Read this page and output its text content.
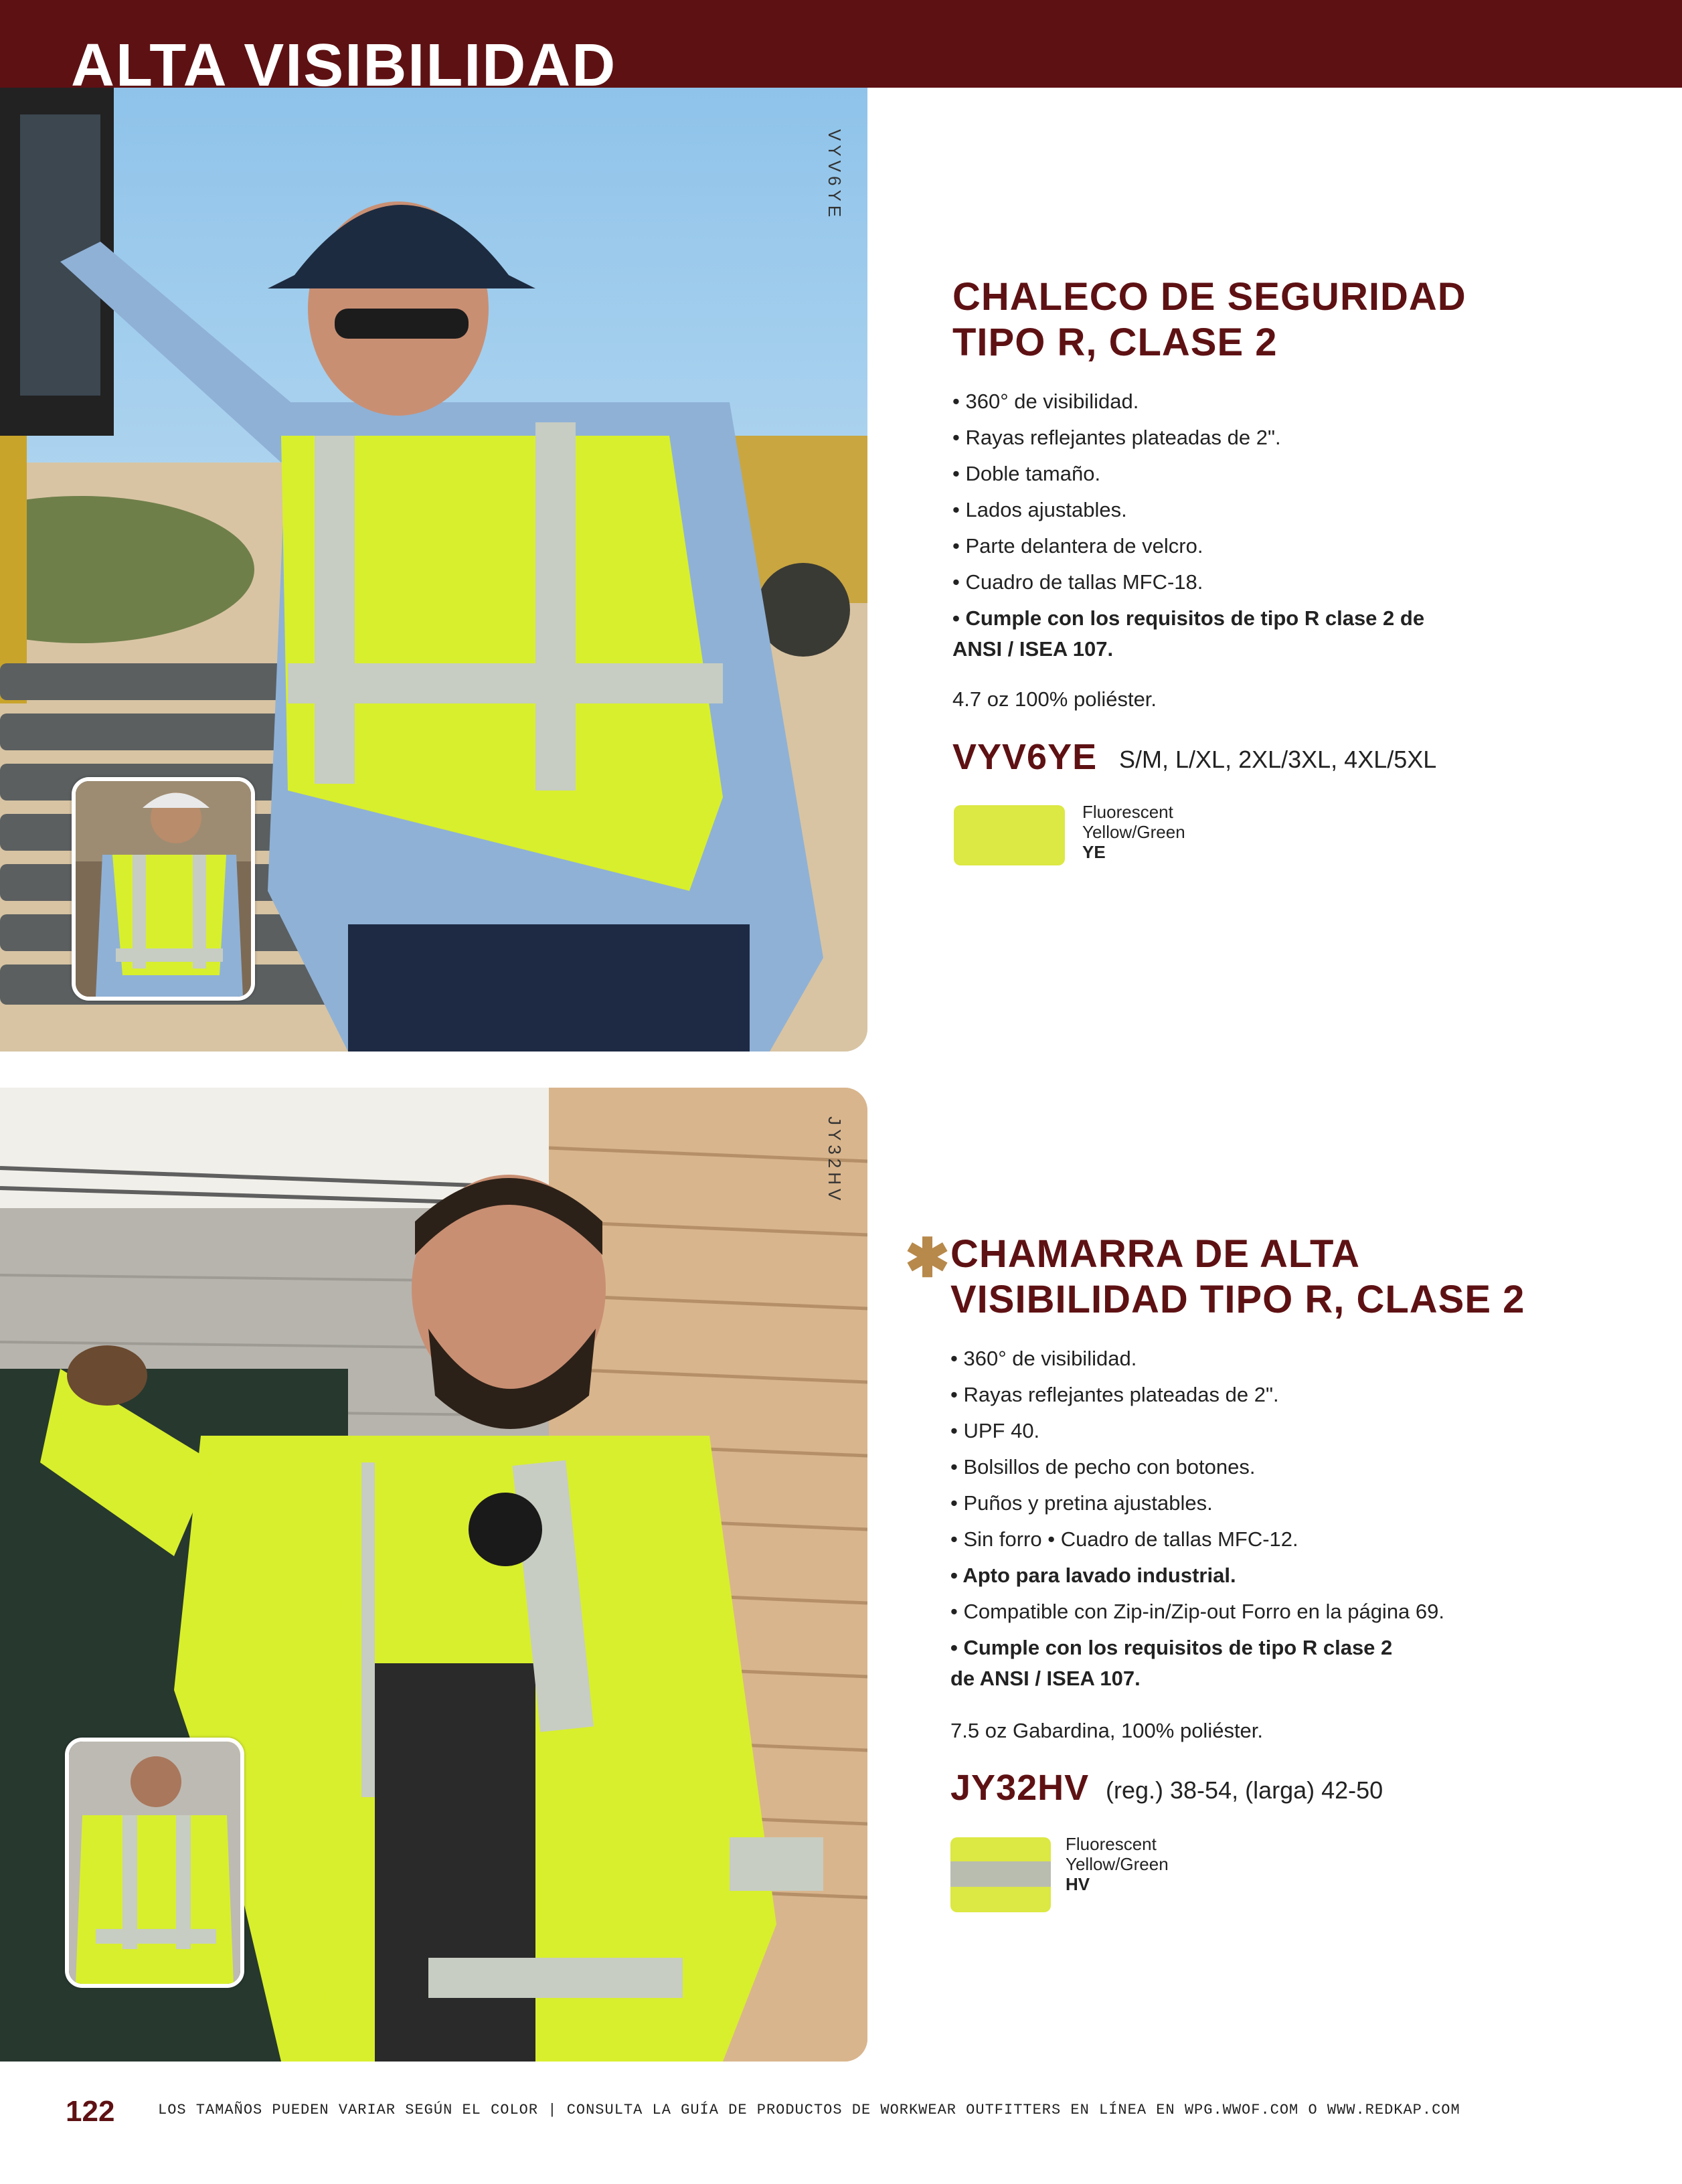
ALTA VISIBILIDAD
VYV6YE
CHALECO DE SEGURIDAD
TIPO R, CLASE 2
• 360° de visibilidad.
• Rayas reflejantes plateadas de 2".
• Doble tamaño.
• Lados ajustables.
• Parte delantera de velcro.
• Cuadro de tallas MFC-18.
• Cumple con los requisitos de tipo R clase 2 de ANSI / ISEA 107.
4.7 oz 100% poliéster.
VYV6YE S/M, L/XL, 2XL/3XL, 4XL/5XL
Fluorescent
Yellow/Green
YE
JY32HV
✱ CHAMARRA DE ALTA
VISIBILIDAD TIPO R, CLASE 2
• 360° de visibilidad.
• Rayas reflejantes plateadas de 2".
• UPF 40.
• Bolsillos de pecho con botones.
• Puños y pretina ajustables.
• Sin forro • Cuadro de tallas MFC-12.
• Apto para lavado industrial.
• Compatible con Zip-in/Zip-out Forro en la página 69.
• Cumple con los requisitos de tipo R clase 2 de ANSI / ISEA 107.
7.5 oz Gabardina, 100% poliéster.
JY32HV (reg.) 38-54, (larga) 42-50
Fluorescent
Yellow/Green
HV
122	LOS TAMAÑOS PUEDEN VARIAR SEGÚN EL COLOR | CONSULTA LA GUÍA DE PRODUCTOS DE WORKWEAR OUTFITTERS EN LÍNEA EN WPG.WWOF.COM O WWW.REDKAP.COM
